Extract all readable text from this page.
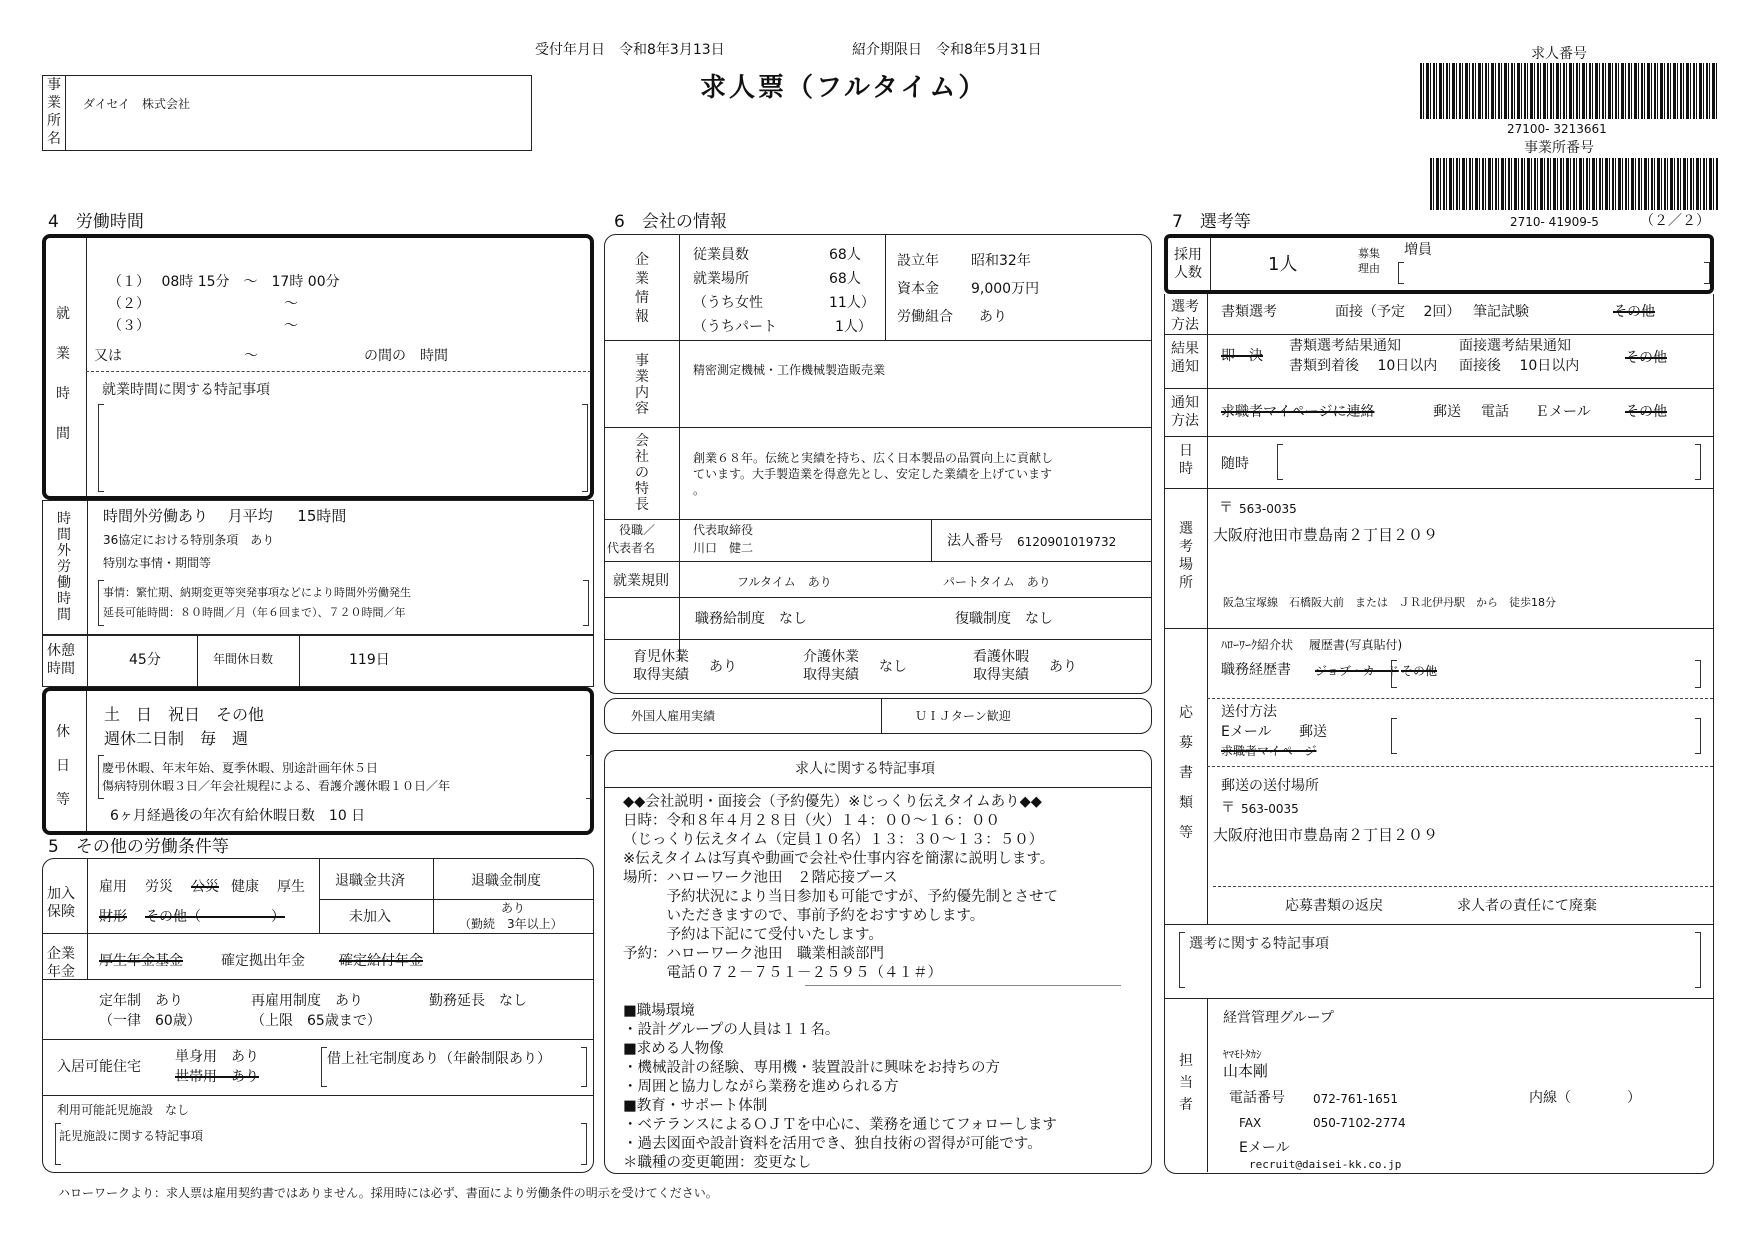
受付年月日　令和8年3月13日	紹介期限日　令和8年5月31日
求人票（フルタイム）
事業所名
ダイセイ　株式会社
求人番号
27100- 3213661
事業所番号
2710- 41909-5	（２／２）
4　労働時間
就業時間
（１）　 08時 15分　～　17時 00分
（２）	～
（３）	～
又は	～	の間の　時間
就業時間に関する特記事項
時間外労働時間
時間外労働あり　 月平均 　 15時間
36協定における特別条項　あり
特別な事情・期間等
事情：繁忙期、納期変更等突発事項などにより時間外労働発生
延長可能時間：８０時間／月（年６回まで）、７２０時間／年
休憩時間
45分	年間休日数	119日
休日等
土　日　祝日　その他
週休二日制　毎　週
慶弔休暇、年末年始、夏季休暇、別途計画年休５日
傷病特別休暇３日／年会社規程による、看護介護休暇１０日／年
6ヶ月経過後の年次有給休暇日数　10 日
5　その他の労働条件等
加入保険
雇用 労災 公災 健康 厚生
財形 その他（　　　　　）
退職金共済
未加入
退職金制度
あり
（勤続　3年以上）
企業年金
厚生年金基金	確定拠出年金 確定給付年金
定年制　あり
（一律　60歳）
再雇用制度　あり
（上限　65歳まで）
勤務延長　なし
入居可能住宅
単身用　あり
世帯用　あり
借上社宅制度あり（年齢制限あり）
利用可能託児施設　なし
託児施設に関する特記事項
ハローワークより：求人票は雇用契約書ではありません。採用時には必ず、書面により労働条件の明示を受けてください。
6　会社の情報
企業情報
従業員数	68人
就業場所	68人
（うち女性	11人）
（うちパート	1人）
設立年 昭和32年
資本金 9,000万円
労働組合 あり
事業内容
精密測定機械・工作機械製造販売業
会社の特長
創業６８年。伝統と実績を持ち、広く日本製品の品質向上に貢献し
ています。大手製造業を得意先とし、安定した業績を上げています
。
役職／
代表者名
代表取締役
川口　健二	法人番号 6120901019732
就業規則	フルタイム　あり	パートタイム　あり
職務給制度　なし	復職制度　なし
育児休業
取得実績 あり
介護休業
取得実績 なし
看護休暇
取得実績 あり
外国人雇用実績	ＵＩＪターン歓迎
求人に関する特記事項
◆◆会社説明・面接会（予約優先）※じっくり伝えタイムあり◆◆
日時：令和８年４月２８日（火）１４：００～１６：００
（じっくり伝えタイム（定員１０名）１３：３０～１３：５０）
※伝えタイムは写真や動画で会社や仕事内容を簡潔に説明します。
場所：ハローワーク池田　２階応接ブース
　　　予約状況により当日参加も可能ですが、予約優先制とさせて
　　　いただきますので、事前予約をおすすめします。
　　　予約は下記にて受付いたします。
予約：ハローワーク池田　職業相談部門
　　　電話０７２－７５１－２５９５（４１＃）
■職場環境
・設計グループの人員は１１名。
■求める人物像
・機械設計の経験、専用機・装置設計に興味をお持ちの方
・周囲と協力しながら業務を進められる方
■教育・サポート体制
・ベテランスによるＯＪＴを中心に、業務を通じてフォローします
・過去図面や設計資料を活用でき、独自技術の習得が可能です。
＊職種の変更範囲：変更なし
7　選考等
採用人数	1人
募集理由
増員
選考方法
書類選考	面接（予定　 2回） 筆記試験	その他
結果通知
即　決
書類選考結果通知
書類到着後　 10日以内
面接選考結果通知
面接後　 10日以内	その他
通知方法
求職者マイページに連絡	郵送 電話 Ｅメール その他
日時 随時
選考場所
〒 563-0035
大阪府池田市豊島南２丁目２０９
阪急宝塚線　石橋阪大前　または　ＪＲ北伊丹駅　から　徒歩18分
応募書類等
ﾊﾛｰﾜｰｸ紹介状　 履歴書(写真貼付)
職務経歴書 ジョブ・カード その他
送付方法
Eメール 郵送
求職者マイページ
郵送の送付場所
〒 563-0035
大阪府池田市豊島南２丁目２０９
応募書類の返戻	求人者の責任にて廃棄
選考に関する特記事項
担当者
経営管理グループ
ﾔﾏﾓﾄﾀｶｼ
山本剛
電話番号 072-761-1651	内線（　　　　）
FAX	050-7102-2774
Eメール
recruit@daisei-kk.co.jp
